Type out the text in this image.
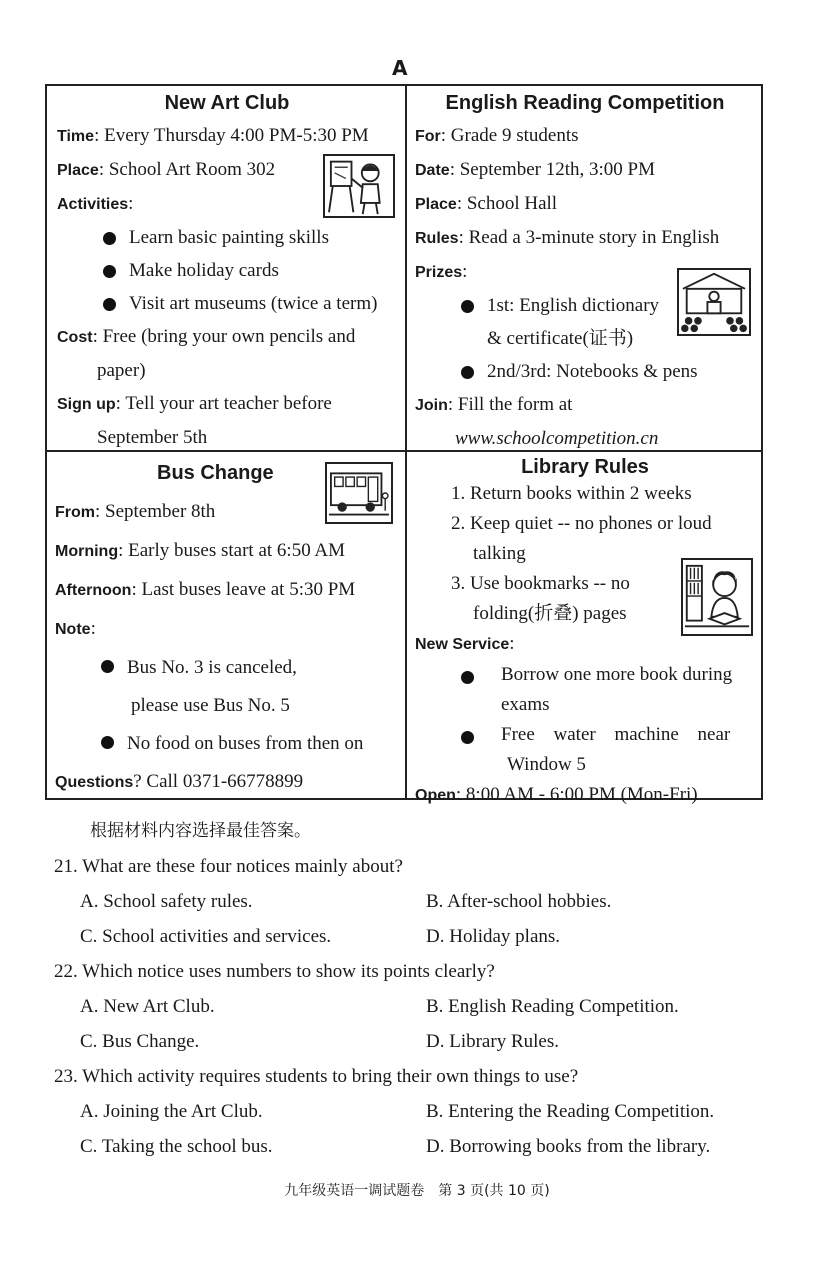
A
New Art Club
Time: Every Thursday 4:00 PM-5:30 PM
Place: School Art Room 302
Activities:
Learn basic painting skills
Make holiday cards
Visit art museums (twice a term)
Cost: Free (bring your own pencils and
paper)
Sign up: Tell your art teacher before
September 5th
English Reading Competition
For: Grade 9 students
Date: September 12th, 3:00 PM
Place: School Hall
Rules: Read a 3-minute story in English
Prizes:
1st: English dictionary
& certificate(证书)
2nd/3rd: Notebooks & pens
Join: Fill the form at
www.schoolcompetition.cn
Bus Change
From: September 8th
Morning: Early buses start at 6:50 AM
Afternoon: Last buses leave at 5:30 PM
Note:
Bus No. 3 is canceled,
please use Bus No. 5
No food on buses from then on
Questions? Call 0371-66778899
Library Rules
1. Return books within 2 weeks
2. Keep quiet -- no phones or loud
talking
3. Use bookmarks -- no
folding(折叠) pages
New Service:
Borrow one more book during
exams
Free water machine near
Window 5
Open: 8:00 AM - 6:00 PM (Mon-Fri)
根据材料内容选择最佳答案。
21. What are these four notices mainly about?
A. School safety rules.	B. After-school hobbies.
C. School activities and services.	D. Holiday plans.
22. Which notice uses numbers to show its points clearly?
A. New Art Club.	B. English Reading Competition.
C. Bus Change.	D. Library Rules.
23. Which activity requires students to bring their own things to use?
A. Joining the Art Club.	B. Entering the Reading Competition.
C. Taking the school bus.	D. Borrowing books from the library.
九年级英语一调试题卷　第 3 页(共 10 页)
